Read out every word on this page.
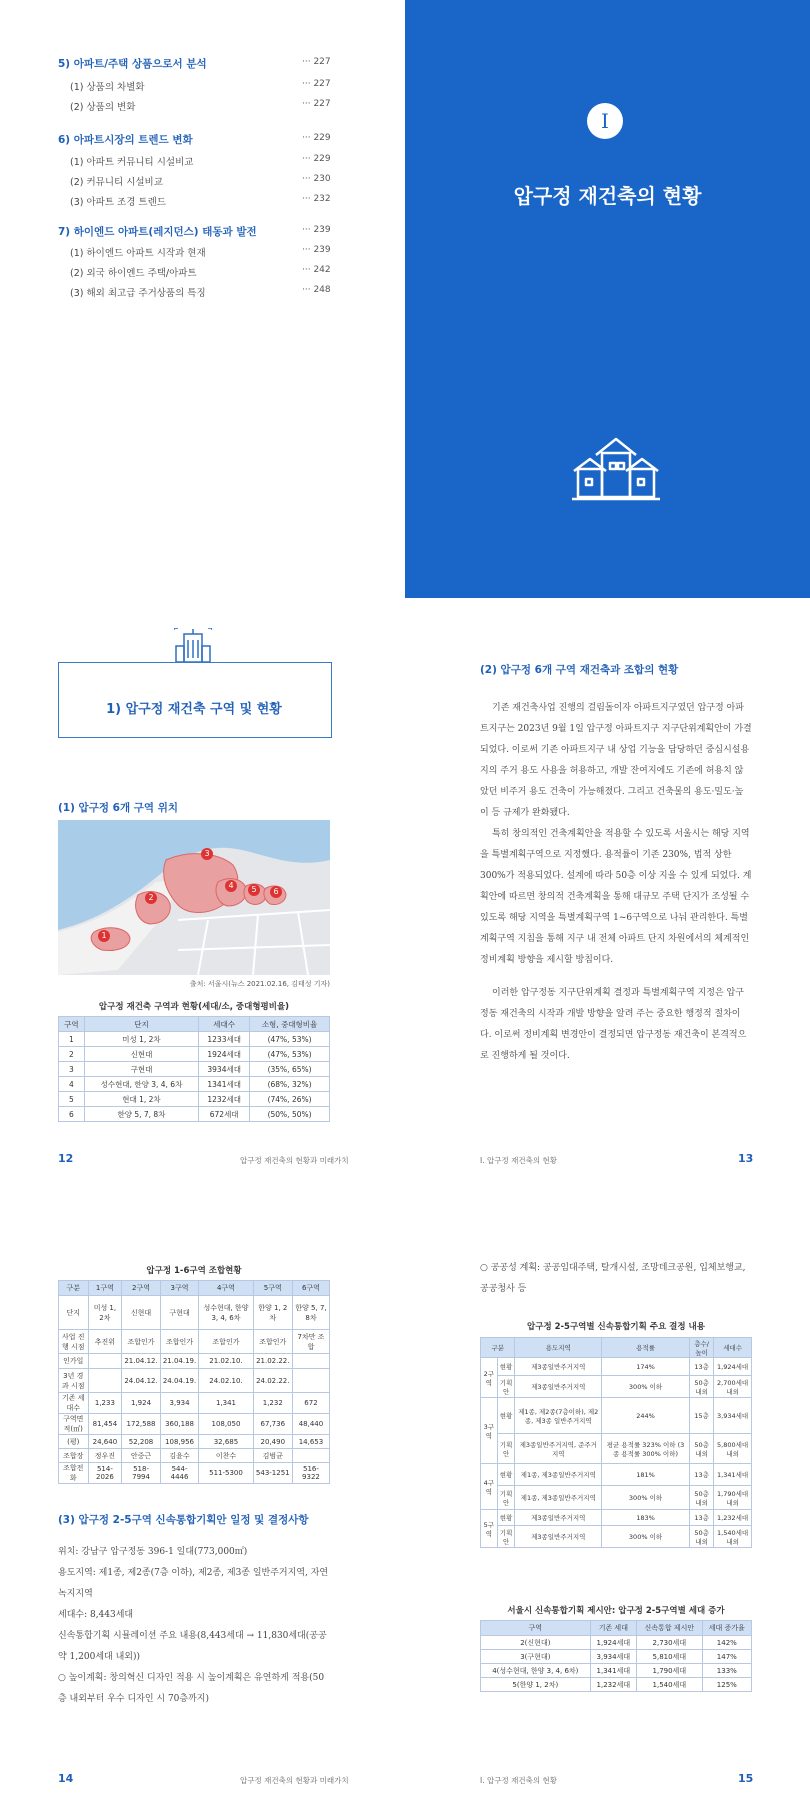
5) 아파트/주택 상품으로서 분석	··· 227
(1) 상품의 차별화	··· 227
(2) 상품의 변화	··· 227
6) 아파트시장의 트렌드 변화	··· 229
(1) 아파트 커뮤니티 시설비교	··· 229
(2) 커뮤니티 시설비교	··· 230
(3) 아파트 조경 트렌드	··· 232
7) 하이엔드 아파트(레지던스) 태동과 발전	··· 239
(1) 하이엔드 아파트 시작과 현재	··· 239
(2) 외국 하이엔드 주택/아파트	··· 242
(3) 해외 최고급 주거상품의 특징	··· 248
I
압구정 재건축의 현황
1) 압구정 재건축 구역 및 현황
(1) 압구정 6개 구역 위치
3
2
1
4	5	6
출처: 서울시(뉴스 2021.02.16, 김태성 기자)
압구정 재건축 구역과 현황(세대/소, 중대형평비율)
구역	단지	세대수	소형, 중대형비율
1	미성 1, 2차	1233세대	(47%, 53%)
2	신현대	1924세대	(47%, 53%)
3	구현대	3934세대	(35%, 65%)
4	성수현대, 한양 3, 4, 6차	1341세대	(68%, 32%)
5	현대 1, 2차	1232세대	(74%, 26%)
6	한양 5, 7, 8차	672세대	(50%, 50%)
12	압구정 재건축의 현황과 미래가치
(2) 압구정 6개 구역 재건축과 조합의 현황

기존 재건축사업 진행의 걸림돌이자 아파트지구였던 압구정 아파트지구는 2023년 9월 1일 압구정 아파트지구 지구단위계획안이 가결되었다. 이로써 기존 아파트지구 내 상업 기능을 담당하던 중심시설용지의 주거 용도 사용을 허용하고, 개발 잔여지에도 기존에 허용치 않았던 비주거 용도 건축이 가능해졌다. 그리고 건축물의 용도·밀도·높이 등 규제가 완화됐다.

특히 창의적인 건축계획안을 적용할 수 있도록 서울시는 해당 지역을 특별계획구역으로 지정했다. 용적률이 기존 230%, 법적 상한 300%가 적용되었다. 설계에 따라 50층 이상 지을 수 있게 되었다. 계획안에 따르면 창의적 건축계획을 통해 대규모 주택 단지가 조성될 수 있도록 해당 지역을 특별계획구역 1~6구역으로 나눠 관리한다. 특별계획구역 지침을 통해 지구 내 전체 아파트 단지 차원에서의 체계적인 정비계획 방향을 제시할 방침이다.

이러한 압구정동 지구단위계획 결정과 특별계획구역 지정은 압구정동 재건축의 시작과 개발 방향을 알려 주는 중요한 행정적 절차이다. 이로써 정비계획 변경안이 결정되면 압구정동 재건축이 본격적으로 진행하게 될 것이다.

I. 압구정 재건축의 현황	13
압구정 1-6구역 조합현황
구분	1구역	2구역	3구역	4구역	5구역	6구역
단지	미성 1, 2차	신현대	구현대	성수현대, 한양 3, 4, 6차	한양 1, 2차	한양 5, 7, 8차
사업 진행 시점	추진위	조합인가	조합인가	조합인가	조합인가	7차만 조합
인가일		21.04.12.	21.04.19.	21.02.10.	21.02.22.	
3년 경과 시점		24.04.12.	24.04.19.	24.02.10.	24.02.22.	
기존 세대수	1,233	1,924	3,934	1,341	1,232	672
구역면적(㎡)	81,454	172,588	360,188	108,050	67,736	48,440
(평)	24,640	52,208	108,956	32,685	20,490	14,653
조합장	정우진	안중근	김윤수	이찬수	김범균	
조합전화	514-2026	518-7994	544-4446	511-5300	543-1251	516-9322
(3) 압구정 2-5구역 신속통합기획안 일정 및 결정사항

위치: 강남구 압구정동 396-1 일대(773,000㎡)

용도지역: 제1종, 제2종(7층 이하), 제2종, 제3종 일반주거지역, 자연녹지지역

세대수: 8,443세대

신속통합기획 시뮬레이션 주요 내용(8,443세대 → 11,830세대(공공 약 1,200세대 내외))

○ 높이계획: 창의혁신 디자인 적용 시 높이계획은 유연하게 적용(50층 내외부터 우수 디자인 시 70층까지)

14	압구정 재건축의 현황과 미래가치
○ 공공성 계획: 공공임대주택, 탈개시설, 조망데크공원, 입체보행교, 공공청사 등
압구정 2-5구역별 신속통합기획 주요 결정 내용
구분		용도지역	용적률	층수/높이	세대수
2구역	현황	제3종일반주거지역	174%	13층	1,924세대
	기획안	제3종일반주거지역	300% 이하	50층 내외	2,700세대 내외
3구역	현황	제1종, 제2종(7층이하), 제2종, 제3종 일반주거지역	244%	15층	3,934세대
	기획안	제3종일반주거지역, 준주거지역	평균 용적률 323% 이하 (3종 용적률 300% 이하)	50층 내외	5,800세대 내외
4구역	현황	제1종, 제3종일반주거지역	181%	13층	1,341세대
	기획안	제1종, 제3종일반주거지역	300% 이하	50층 내외	1,790세대 내외
5구역	현황	제3종일반주거지역	183%	13층	1,232세대
	기획안	제3종일반주거지역	300% 이하	50층 내외	1,540세대 내외
서울시 신속통합기획 제시안: 압구정 2-5구역별 세대 증가
구역	기존 세대	신속통합 제시안	세대 증가율
2(신현대)	1,924세대	2,730세대	142%
3(구현대)	3,934세대	5,810세대	147%
4(성수현대, 한양 3, 4, 6차)	1,341세대	1,790세대	133%
5(한양 1, 2차)	1,232세대	1,540세대	125%
I. 압구정 재건축의 현황	15
